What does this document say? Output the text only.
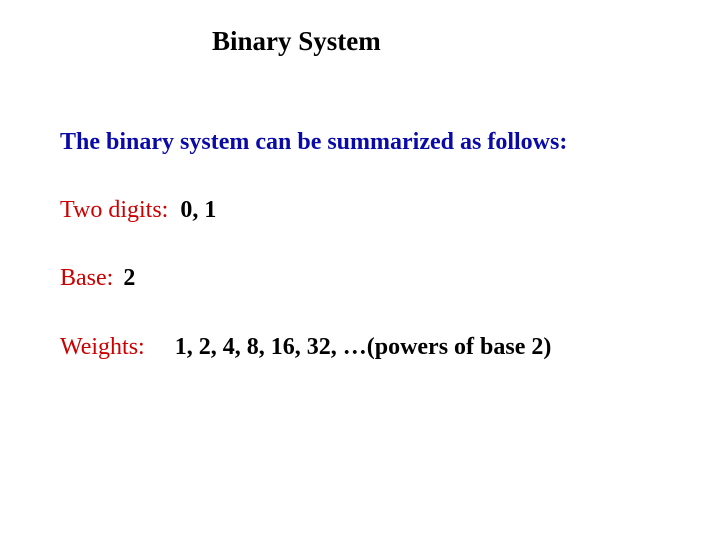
Binary System
The binary system can be summarized as follows:
Two digits: 0, 1
Base: 2
Weights: 1, 2, 4, 8, 16, 32, …(powers of base 2)
